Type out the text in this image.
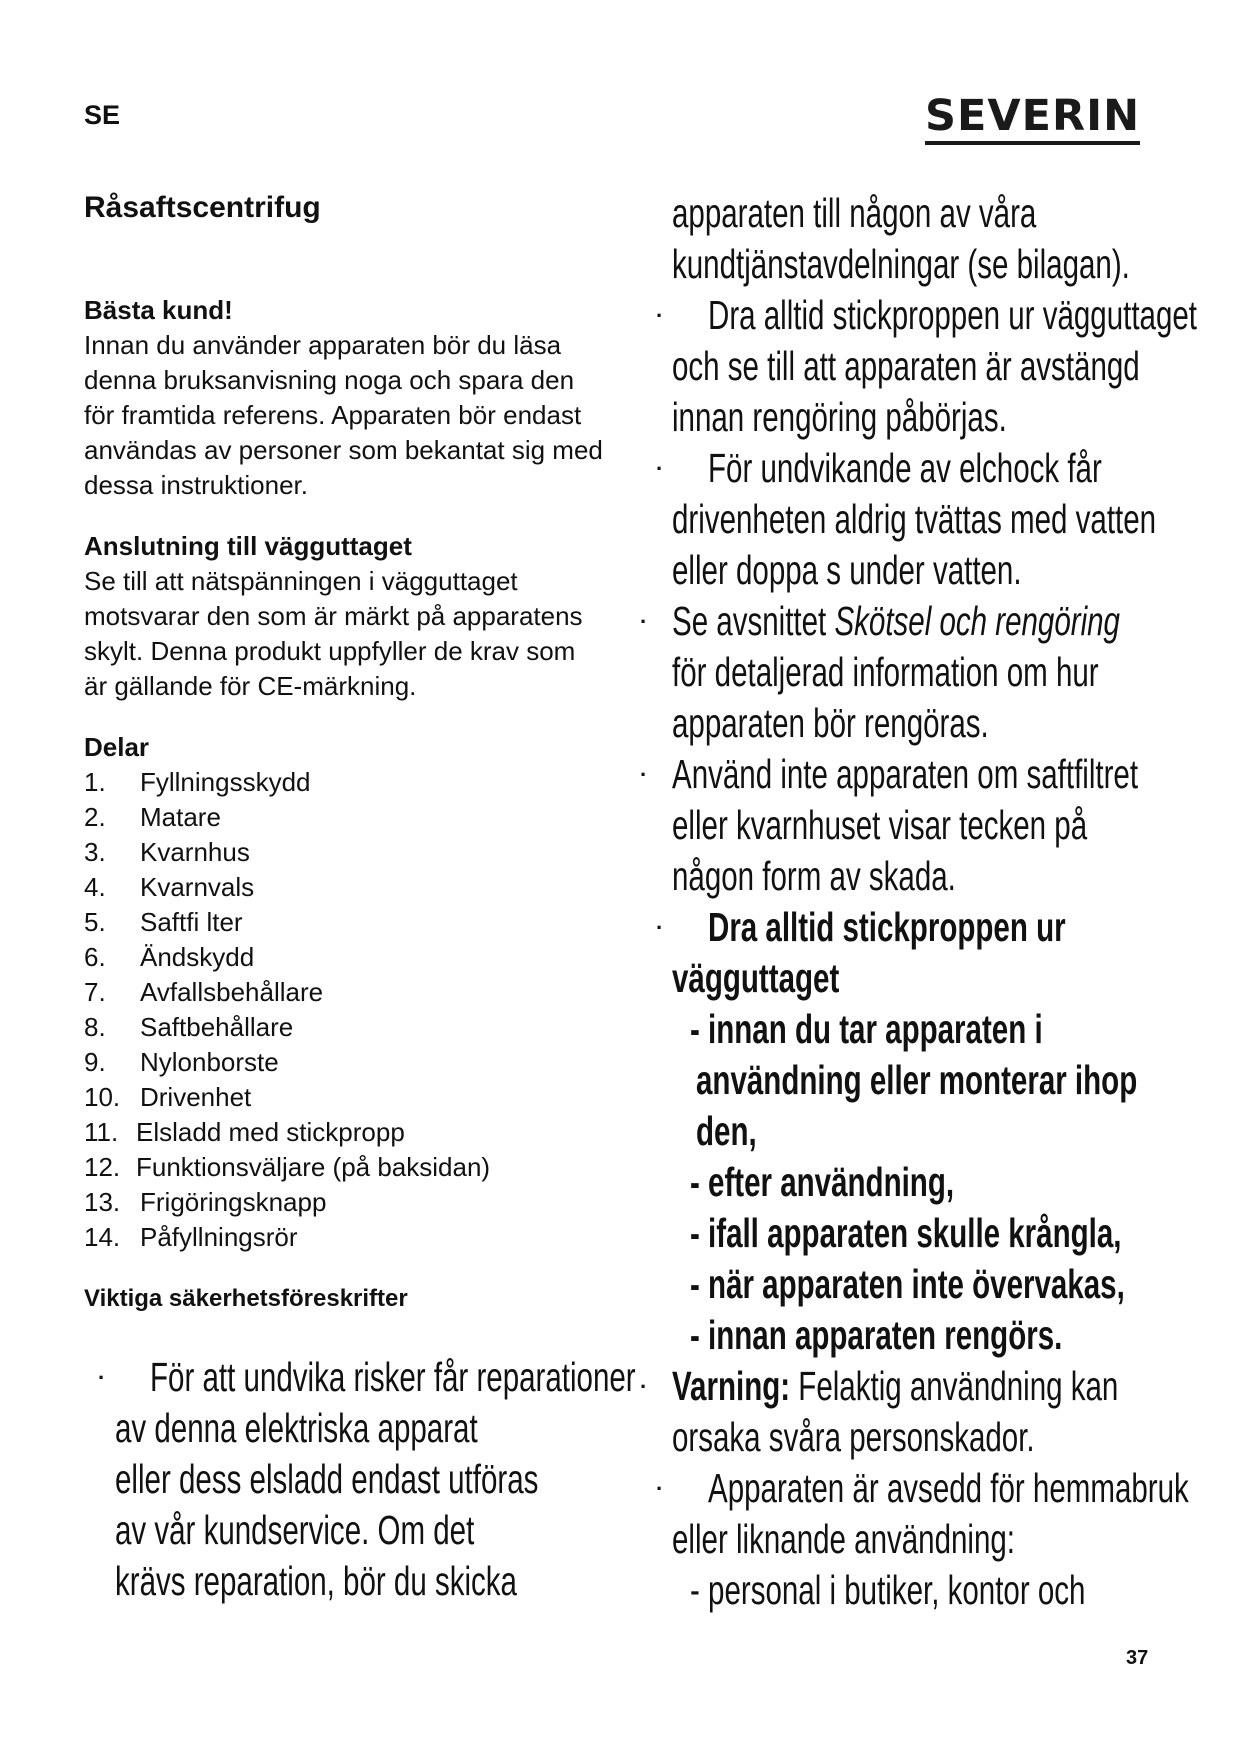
SE	SEVERIN
Råsaftscentrifug
Bästa kund!
Innan du använder apparaten bör du läsa
denna bruksanvisning noga och spara den
för framtida referens. Apparaten bör endast
användas av personer som bekantat sig med
dessa instruktioner.
Anslutning till vägguttaget
Se till att nätspänningen i vägguttaget
motsvarar den som är märkt på apparatens
skylt. Denna produkt uppfyller de krav som
är gällande för CE-märkning.
Delar
1.	Fyllningsskydd
2.	Matare
3.	Kvarnhus
4.	Kvarnvals
5.	Saftfi lter
6.	Ändskydd
7.	Avfallsbehållare
8.	Saftbehållare
9.	Nylonborste
10. Drivenhet
11. Elsladd med stickpropp
12. Funktionsväljare (på baksidan)
13. Frigöringsknapp
14. Påfyllningsrör
Viktiga säkerhetsföreskrifter
· För att undvika risker får reparationer
av denna elektriska apparat
eller dess elsladd endast utföras
av vår kundservice. Om det
krävs reparation, bör du skicka
apparaten till någon av våra
kundtjänstavdelningar (se bilagan).
· Dra alltid stickproppen ur vägguttaget
och se till att apparaten är avstängd
innan rengöring påbörjas.
· För undvikande av elchock får
drivenheten aldrig tvättas med vatten
eller doppa s under vatten.
· Se avsnittet Skötsel och rengöring
för detaljerad information om hur
apparaten bör rengöras.
· Använd inte apparaten om saftfiltret
eller kvarnhuset visar tecken på
någon form av skada.
· Dra alltid stickproppen ur
vägguttaget
- innan du tar apparaten i
användning eller monterar ihop
den,
- efter användning,
- ifall apparaten skulle krångla,
- när apparaten inte övervakas,
- innan apparaten rengörs.
· Varning: Felaktig användning kan
orsaka svåra personskador.
· Apparaten är avsedd för hemmabruk
eller liknande användning:
- personal i butiker, kontor och
37
